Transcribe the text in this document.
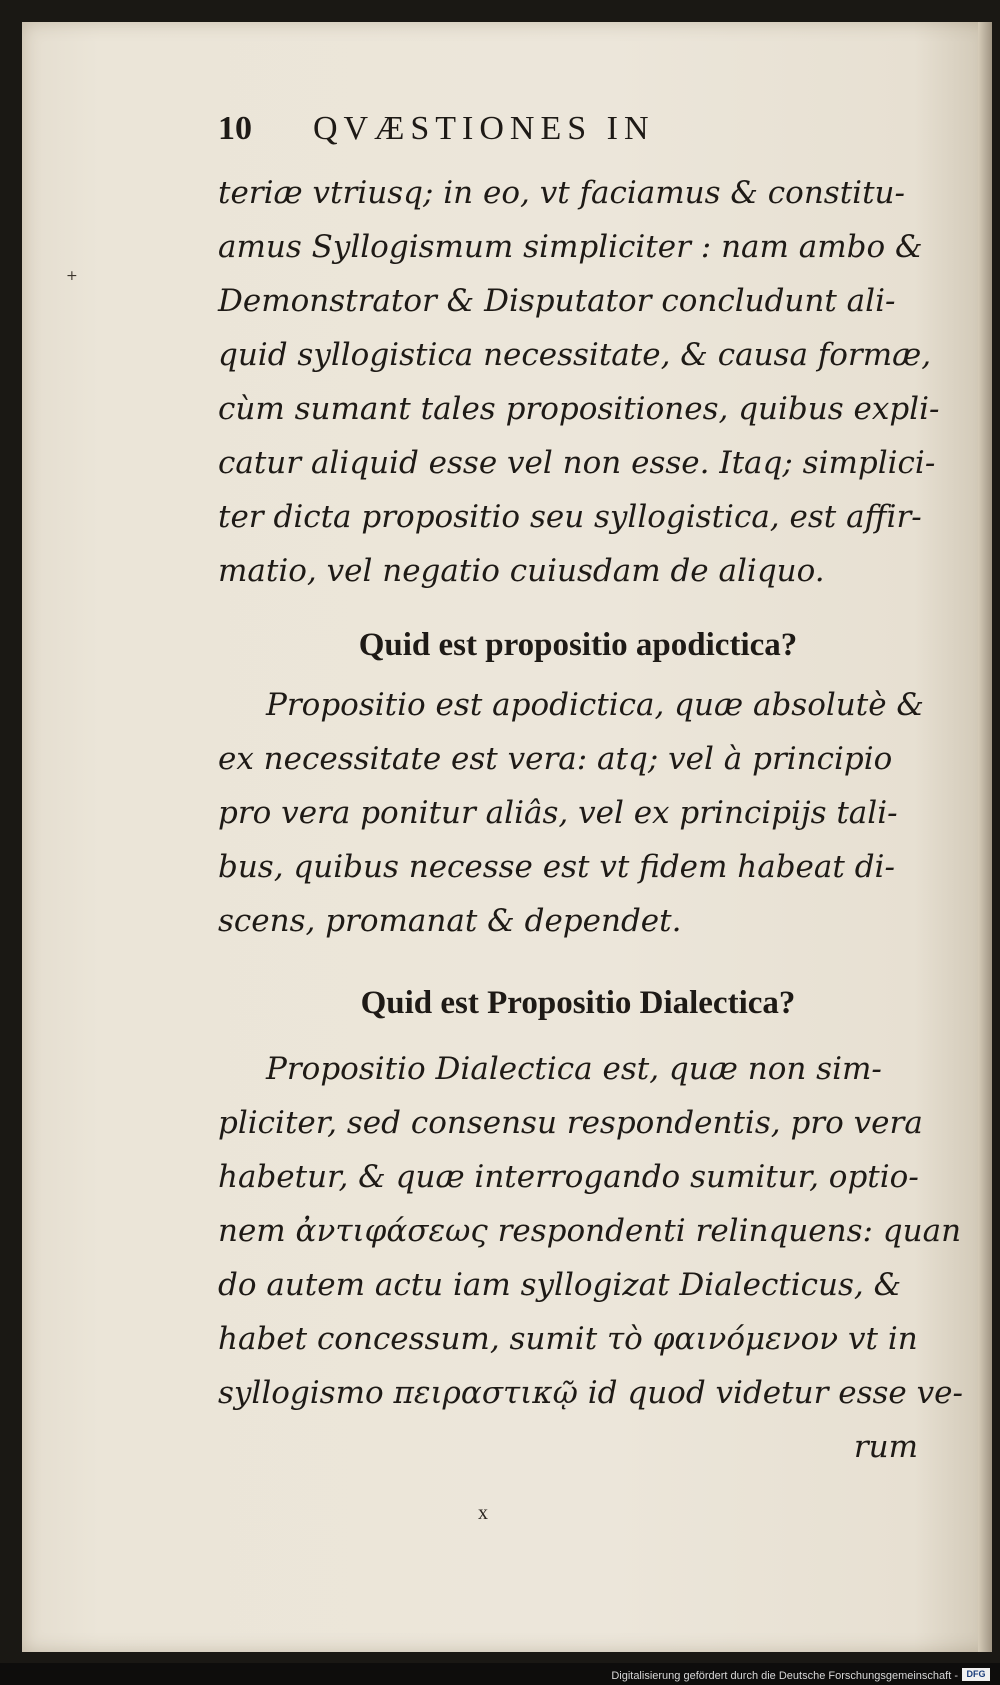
+
10	QVÆSTIONES IN

teriæ vtriusq; in eo, vt faciamus & constitu-
amus Syllogismum simpliciter : nam ambo &
Demonstrator & Disputator concludunt ali-
quid syllogistica necessitate, & causa formæ,
cùm sumant tales propositiones, quibus expli-
catur aliquid esse vel non esse. Itaq; simplici-
ter dicta propositio seu syllogistica, est affir-
matio, vel negatio cuiusdam de aliquo.

Quid est propositio apodictica?

Propositio est apodictica, quæ absolutè &
ex necessitate est vera: atq; vel à principio
pro vera ponitur aliâs, vel ex principijs tali-
bus, quibus necesse est vt fidem habeat di-
scens, promanat & dependet.

Quid est Propositio Dialectica?

Propositio Dialectica est, quæ non sim-
pliciter, sed consensu respondentis, pro vera
habetur, & quæ interrogando sumitur, optio-
nem ἀντιφάσεως respondenti relinquens: quan
do autem actu iam syllogizat Dialecticus, &
habet concessum, sumit τὸ φαινόμενον vt in
syllogismo πειραστικῷ id quod videtur esse ve-
rum

x
Digitalisierung gefördert durch die Deutsche Forschungsgemeinschaft - DFG
